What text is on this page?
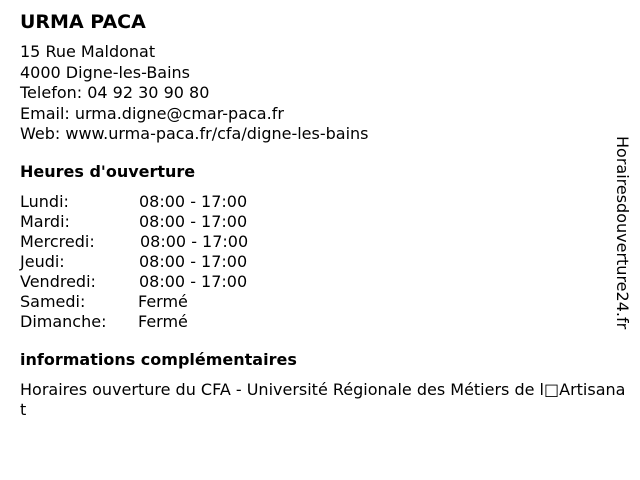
URMA PACA
15 Rue Maldonat
4000 Digne-les-Bains
Telefon: 04 92 30 90 80
Email: urma.digne@cmar-paca.fr
Web: www.urma-paca.fr/cfa/digne-les-bains
Heures d'ouverture
Lundi:	08:00 - 17:00
Mardi:	08:00 - 17:00
Mercredi:	08:00 - 17:00
Jeudi:	08:00 - 17:00
Vendredi:	08:00 - 17:00
Samedi:	Fermé
Dimanche:	Fermé
informations complémentaires
Horaires ouverture du CFA - Université Régionale des Métiers de l□Artisanat
Horairesdouverture24.fr
